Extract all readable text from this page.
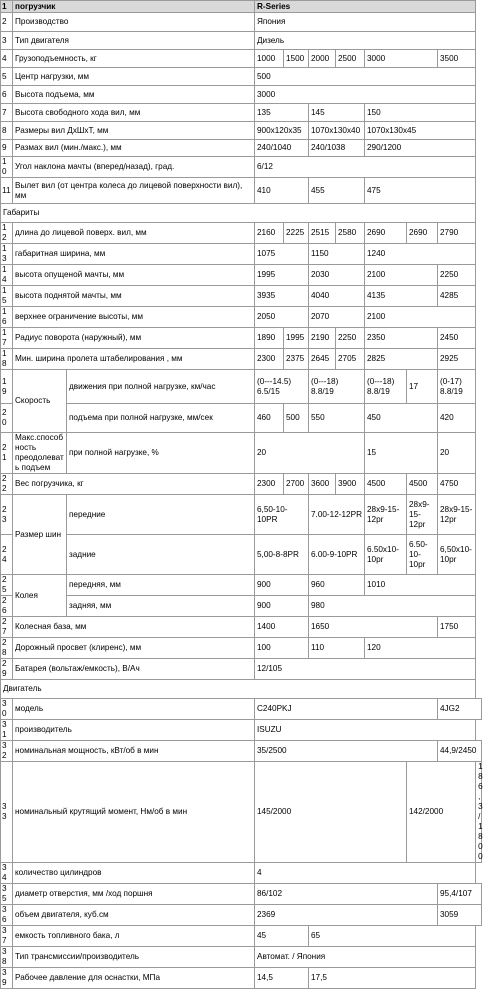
1	погрузчик		R-Series							
2	Производство		Япония							
3	Тип двигателя		Дизель							
4	Грузоподъемность, кг		1000	1500	2000	2500	3000		3500	
5	Центр нагрузки, мм		500							
6	Высота подъема, мм		3000							
7	Высота свободного хода вил, мм		135		145		150			
8	Размеры вил ДxШxТ, мм		900x120x35		1070x130x40		1070x130x45			
9	Размах вил (мин./макс.), мм		240/1040		240/1038		290/1200			
10	Угол наклона мачты (вперед/назад), град.		6/12							
11	Вылет вил (от центра колеса до лицевой поверхности вил), мм		410		455		475			
Габариты										
12	длина до лицевой поверх. вил, мм		2160	2225	2515	2580	2690	2690	2790	
13	габаритная ширина, мм		1075		1150		1240			
14	высота опущеной мачты, мм		1995		2030		2100		2250	
15	высота поднятой мачты, мм		3935		4040		4135		4285	
16	верхнее ограничение высоты, мм		2050		2070		2100			
17	Радиус поворота (наружный), мм		1890	1995	2190	2250	2350		2450	
18	Мин. ширина пролета штабелирования , мм		2300	2375	2645	2705	2825		2925	
19	Скорость	движения при полной нагрузке, км/час	(0---14.5) 6.5/15		(0---18) 8.8/19		(0---18) 8.8/19	17	(0-17) 8.8/19	
20		подъема при полной нагрузке, мм/сек	460	500	550		450		420	
21	Макс.способность преодолевать подъем	при полной нагрузке, %	20				15		20	
22	Вес погрузчика, кг		2300	2700	3600	3900	4500	4500	4750	
23	Размер шин	передние	6,50-10-10PR		7.00-12-12PR		28x9-15-12pr	28x9-15-12pr	28x9-15-12pr	
24		задние	5,00-8-8PR		6.00-9-10PR		6.50x10-10pr	6.50-10-10pr	6,50x10-10pr	
25	Колея	передняя, мм	900		960		1010			
26		задняя, мм	900		980					
27	Колесная база, мм		1400		1650				1750	
28	Дорожный просвет (клиренс), мм		100		110		120			
29	Батарея (вольтаж/емкость), В/Ач		12/105							
Двигатель										
30	модель		C240PKJ						4JG2	
31	производитель		ISUZU							
32	номинальная мощность, кВт/об в мин		35/2500						44,9/2450	
33	номинальный крутящий момент, Нм/об в мин		145/2000					142/2000		186,3/1800
34	количество цилиндров		4							
35	диаметр отверстия, мм /ход поршня		86/102						95,4/107	
36	объем двигателя, куб.см		2369						3059	
37	емкость топливного бака, л		45		65					
38	Тип трансмиссии/производитель		Автомат. / Япония							
39	Рабочее давление для оснастки, МПа		14,5		17,5					
